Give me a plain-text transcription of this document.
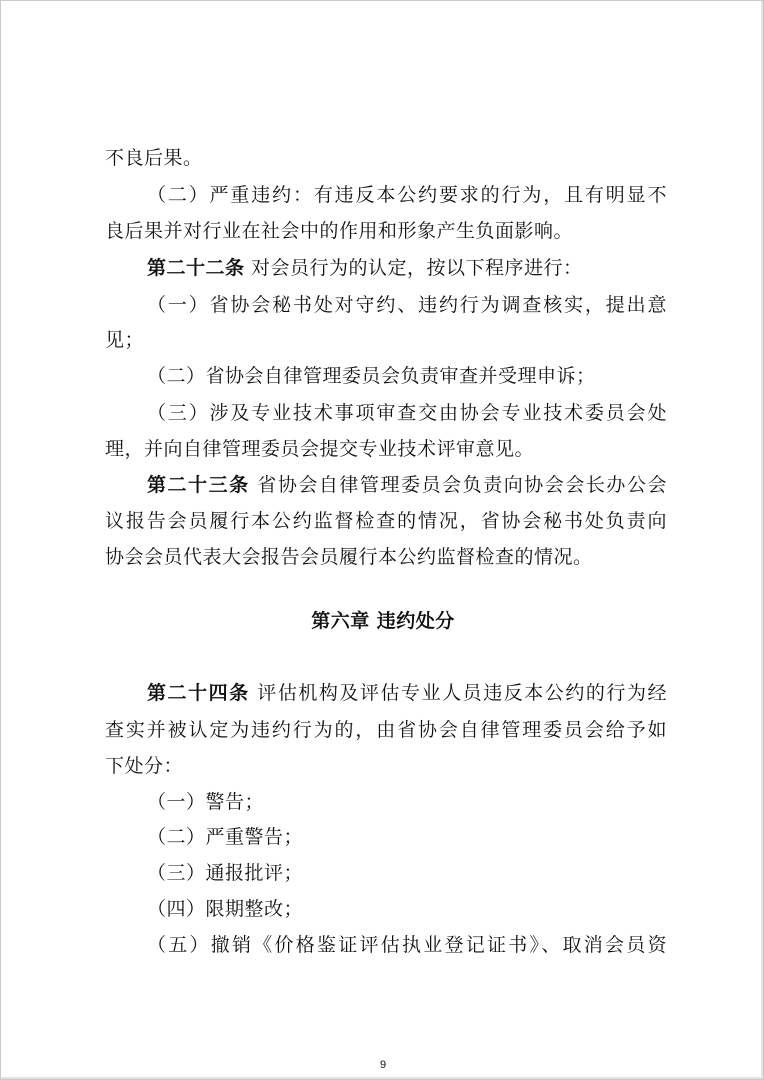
不良后果。
（二）严重违约：有违反本公约要求的行为，且有明显不
良后果并对行业在社会中的作用和形象产生负面影响。
第二十二条 对会员行为的认定，按以下程序进行：
（一）省协会秘书处对守约、违约行为调查核实，提出意
见；
（二）省协会自律管理委员会负责审查并受理申诉；
（三）涉及专业技术事项审查交由协会专业技术委员会处
理，并向自律管理委员会提交专业技术评审意见。
第二十三条 省协会自律管理委员会负责向协会会长办公会
议报告会员履行本公约监督检查的情况，省协会秘书处负责向
协会会员代表大会报告会员履行本公约监督检查的情况。
第六章 违约处分
第二十四条 评估机构及评估专业人员违反本公约的行为经
查实并被认定为违约行为的，由省协会自律管理委员会给予如
下处分：
（一）警告；
（二）严重警告；
（三）通报批评；
（四）限期整改；
（五）撤销《价格鉴证评估执业登记证书》、取消会员资
9
